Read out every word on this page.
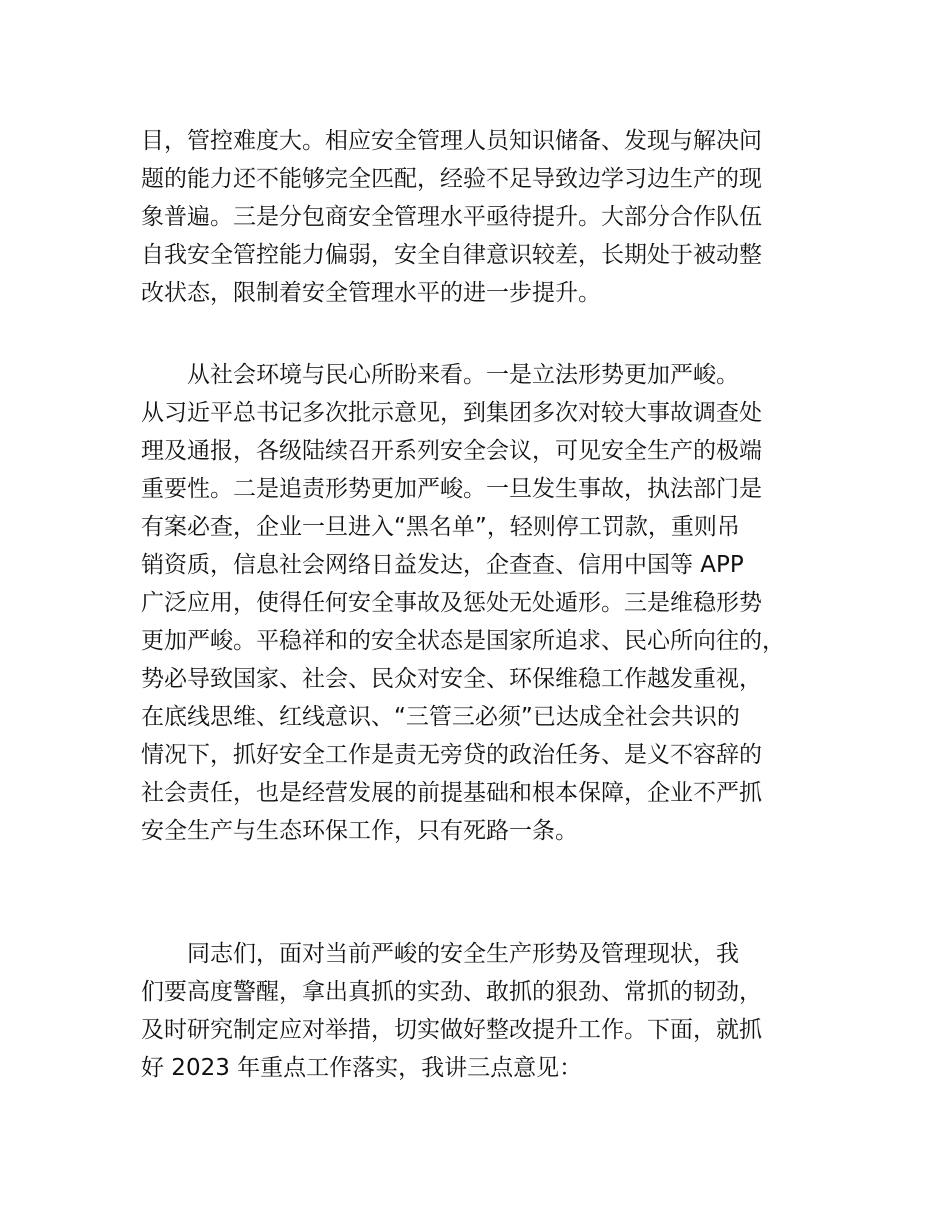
目，管控难度大。相应安全管理人员知识储备、发现与解决问
题的能力还不能够完全匹配，经验不足导致边学习边生产的现
象普遍。三是分包商安全管理水平亟待提升。大部分合作队伍
自我安全管控能力偏弱，安全自律意识较差，长期处于被动整
改状态，限制着安全管理水平的进一步提升。
　　从社会环境与民心所盼来看。一是立法形势更加严峻。
从习近平总书记多次批示意见，到集团多次对较大事故调查处
理及通报，各级陆续召开系列安全会议，可见安全生产的极端
重要性。二是追责形势更加严峻。一旦发生事故，执法部门是
有案必查，企业一旦进入“黑名单”，轻则停工罚款，重则吊
销资质，信息社会网络日益发达，企查查、信用中国等 APP
广泛应用，使得任何安全事故及惩处无处遁形。三是维稳形势
更加严峻。平稳祥和的安全状态是国家所追求、民心所向往的，
势必导致国家、社会、民众对安全、环保维稳工作越发重视，
在底线思维、红线意识、“三管三必须”已达成全社会共识的
情况下，抓好安全工作是责无旁贷的政治任务、是义不容辞的
社会责任，也是经营发展的前提基础和根本保障，企业不严抓
安全生产与生态环保工作，只有死路一条。
　　同志们，面对当前严峻的安全生产形势及管理现状，我
们要高度警醒，拿出真抓的实劲、敢抓的狠劲、常抓的韧劲，
及时研究制定应对举措，切实做好整改提升工作。下面，就抓
好 2023 年重点工作落实，我讲三点意见：
